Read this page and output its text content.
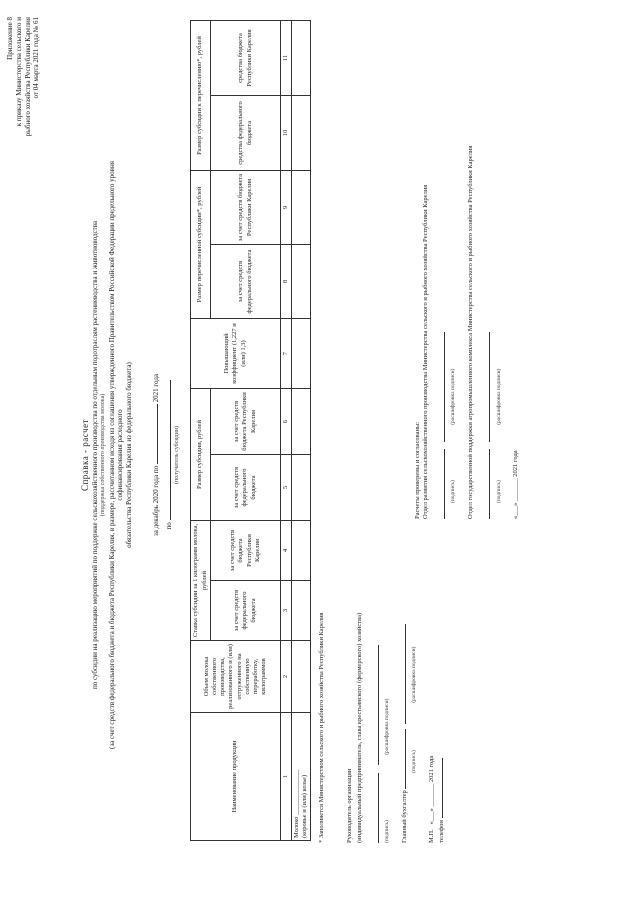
Приложение 8 к приказу Министерства сельского и рыбного хозяйства Республики Карелия от 04 марта 2021 года № 61
Справка - расчет по субсидии на реализацию мероприятий по поддержке сельскохозяйственного производства по отдельным подотраслям растениеводства и животноводства (поддержка собственного производства молока) (за счет средств федерального бюджета и бюджета Республики Карелия, в размере, рассчитанном исходя из соглашения утвержденного Правительством Российской Федерации предельного уровня софинансирования расходного обязательства Республики Карелия из федерального бюджета)	за декабрь 2020 года по  2021 года
по
(получатель субсидии)
Наименование продукции	Объем молока собственного производства, реализованного и (или) отгруженного на собственную переработку, килограммов	Ставка субсидии за 1 килограмм молока, рублей		Размер субсидии, рублей		Повышающий коэффициент (1,227 и (или) 1,3)	Размер перечисленной субсидии*, рублей		Размер субсидии к перечислению*, рублей	
		за счет средств федерального бюджета	за счет средств бюджета Республики Карелия	за счет средств федерального бюджета	за счет средств бюджета Республики Карелия		за счет средств федерального бюджета	за счет средств бюджета Республики Карелия	средства федерального бюджета	средства бюджета Республики Карелия
1	2	3	4	5	6	7	8	9	10	11

Молоко ______________ (коровье и (или) козье)										
										* Заполняется Министерством сельского и рыбного хозяйства Республики Карелия	Руководитель организации (индивидуальный предприниматель, глава крестьянского (фермерского) хозяйства)
	(подпись) (расшифровка подписи)
Главный бухгалтер
(подпись) (расшифровка подписи)
М.П.   «___» _______ 2021 года
телефон
Расчеты проверены и согласованы: Отдел развития сельскохозяйственного производства Министерства сельского и рыбного хозяйства Республики Карелия
	(подпись) (расшифровка подписи) Отдел государственной поддержки агропромышленного комплекса Министерства сельского и рыбного хозяйства Республики Карелия
	(подпись) (расшифровка подписи)
«___» _______ 2021 года
